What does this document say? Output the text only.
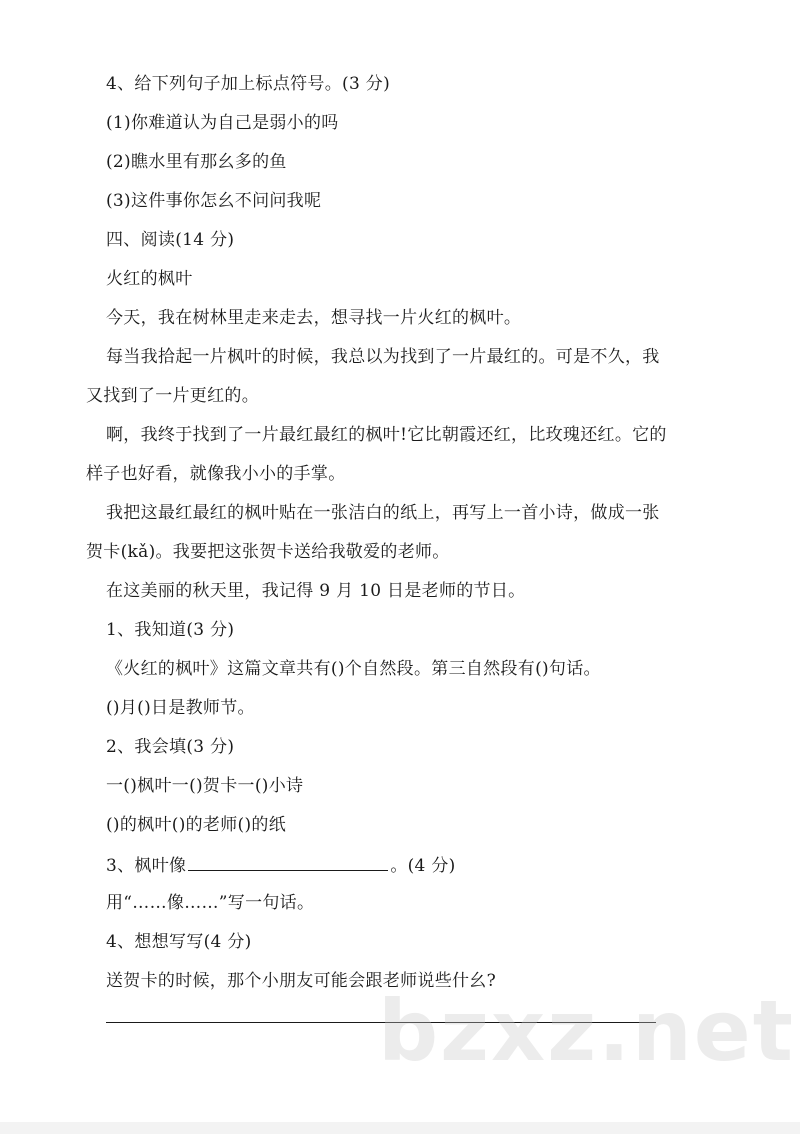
4、给下列句子加上标点符号。(3 分)
(1)你难道认为自己是弱小的吗
(2)瞧水里有那幺多的鱼
(3)这件事你怎幺不问问我呢
四、阅读(14 分)
火红的枫叶
今天，我在树林里走来走去，想寻找一片火红的枫叶。
每当我拾起一片枫叶的时候，我总以为找到了一片最红的。可是不久，我
又找到了一片更红的。
啊，我终于找到了一片最红最红的枫叶!它比朝霞还红，比玫瑰还红。它的
样子也好看，就像我小小的手掌。
我把这最红最红的枫叶贴在一张洁白的纸上，再写上一首小诗，做成一张
贺卡(kǎ)。我要把这张贺卡送给我敬爱的老师。
在这美丽的秋天里，我记得 9 月 10 日是老师的节日。
1、我知道(3 分)
《火红的枫叶》这篇文章共有()个自然段。第三自然段有()句话。
()月()日是教师节。
2、我会填(3 分)
一()枫叶一()贺卡一()小诗
()的枫叶()的老师()的纸
3、枫叶像	。(4 分)
用“……像……”写一句话。
4、想想写写(4 分)
送贺卡的时候，那个小朋友可能会跟老师说些什幺?
bzxz.net
